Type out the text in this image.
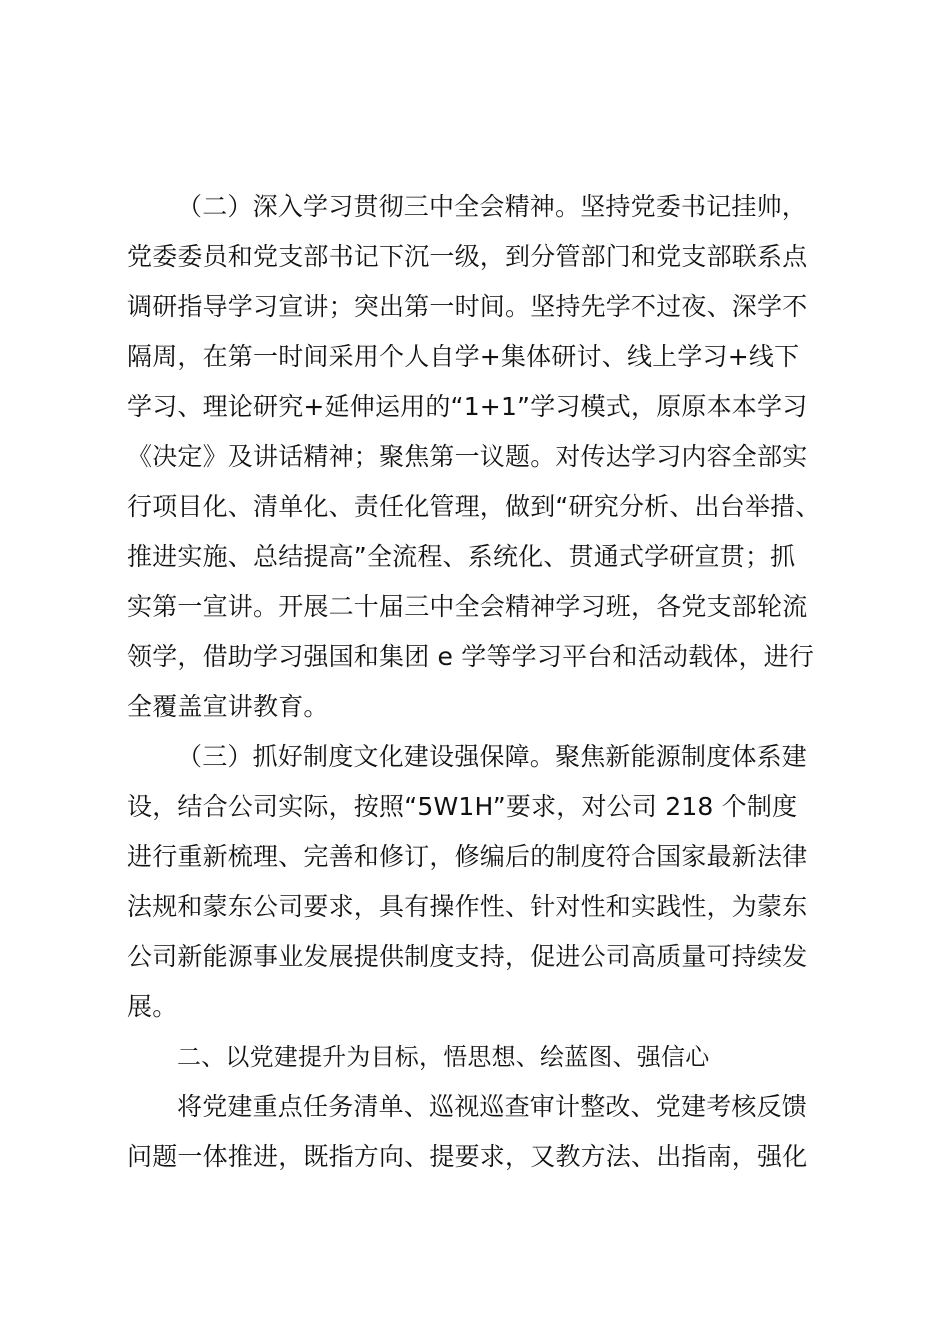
（二）深入学习贯彻三中全会精神。坚持党委书记挂帅，
党委委员和党支部书记下沉一级，到分管部门和党支部联系点
调研指导学习宣讲；突出第一时间。坚持先学不过夜、深学不
隔周，在第一时间采用个人自学+集体研讨、线上学习+线下
学习、理论研究+延伸运用的“1+1”学习模式，原原本本学习
《决定》及讲话精神；聚焦第一议题。对传达学习内容全部实
行项目化、清单化、责任化管理，做到“研究分析、出台举措、
推进实施、总结提高”全流程、系统化、贯通式学研宣贯；抓
实第一宣讲。开展二十届三中全会精神学习班，各党支部轮流
领学，借助学习强国和集团 e 学等学习平台和活动载体，进行
全覆盖宣讲教育。
（三）抓好制度文化建设强保障。聚焦新能源制度体系建
设，结合公司实际，按照“5W1H”要求，对公司 218 个制度
进行重新梳理、完善和修订，修编后的制度符合国家最新法律
法规和蒙东公司要求，具有操作性、针对性和实践性，为蒙东
公司新能源事业发展提供制度支持，促进公司高质量可持续发
展。
二、以党建提升为目标，悟思想、绘蓝图、强信心
将党建重点任务清单、巡视巡查审计整改、党建考核反馈
问题一体推进，既指方向、提要求，又教方法、出指南，强化
